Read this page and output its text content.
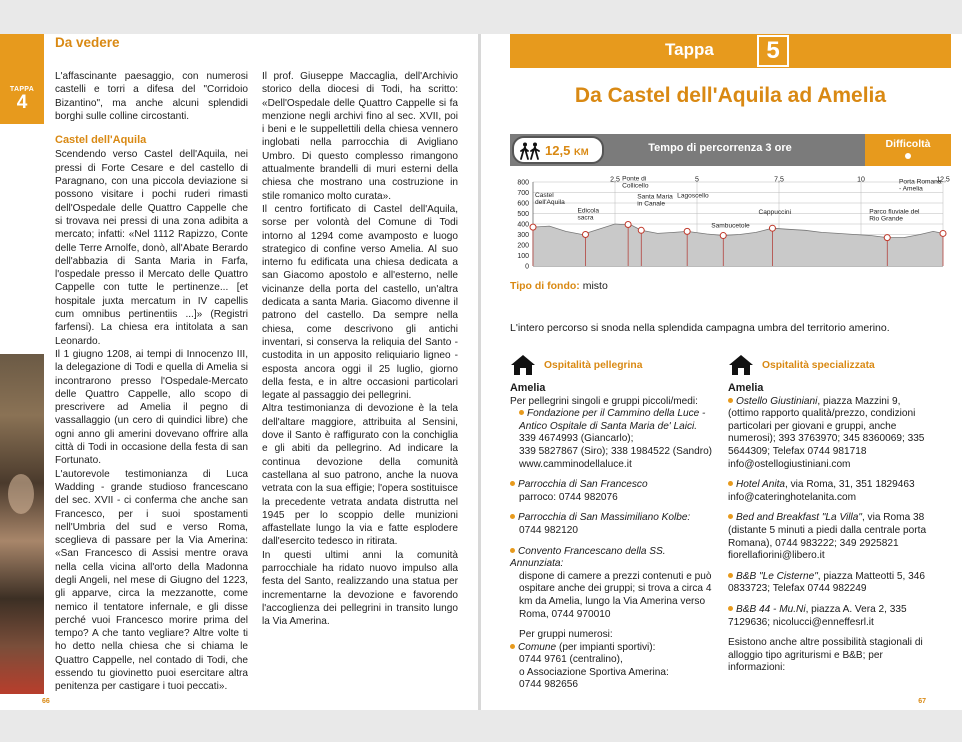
TAPPA
4
Da vedere

L'affascinante paesaggio, con numerosi castelli e torri a difesa del "Corridoio Bizantino", ma anche alcuni splendidi borghi sulle colline circostanti.

Castel dell'Aquila

Scendendo verso Castel dell'Aquila, nei pressi di Forte Cesare e del castello di Paragnano, con una piccola deviazione si possono visitare i pochi ruderi rimasti dell'Ospedale delle Quattro Cappelle che si trovava nei pressi di una zona adibita a mercato; infatti: «Nel 1112 Rapizzo, Conte delle Terre Arnolfe, donò, all'Abate Berardo dell'abbazia di Santa Maria in Farfa, l'ospedale presso il Mercato delle Quattro Cappelle con tutte le pertinenze... [et hospitale juxta mercatum in IV capellis cum omnibus pertinentiis ...]» (Registri farfensi). La chiesa era intitolata a san Leonardo.

Il 1 giugno 1208, ai tempi di Innocenzo III, la delegazione di Todi e quella di Amelia si incontrarono presso l'Ospedale-Mercato delle Quattro Cappelle, allo scopo di prescrivere ad Amelia il pegno di vassallaggio (un cero di quindici libre) che ogni anno gli amerini dovevano offrire alla città di Todi in occasione della festa di san Fortunato.

L'autorevole testimonianza di Luca Wadding - grande studioso francescano del sec. XVII - ci conferma che anche san Francesco, per i suoi spostamenti nell'Umbria del sud e verso Roma, sceglieva di passare per la Via Amerina: «San Francesco di Assisi mentre orava nella cella vicina all'orto della Madonna degli Angeli, nel mese di Giugno del 1223, gli apparve, circa la mezzanotte, come nemico il tentatore infernale, e gli disse perché vuoi Francesco morire prima del tempo? A che tanto vegliare? Altre volte ti ho detto nella chiesa che si chiama le Quattro Cappelle, nel contado di Todi, che essendo tu giovinetto puoi esercitare altra penitenza per castigare i tuoi peccati».

Il prof. Giuseppe Maccaglia, dell'Archivio storico della diocesi di Todi, ha scritto: «Dell'Ospedale delle Quattro Cappelle si fa menzione negli archivi fino al sec. XVII, poi i beni e le suppellettili della chiesa vennero inglobati nella parrocchia di Avigliano Umbro. Di questo complesso rimangono attualmente brandelli di muri esterni della chiesa che mostrano una costruzione in stile romanico molto curata».

Il centro fortificato di Castel dell'Aquila, sorse per volontà del Comune di Todi intorno al 1294 come avamposto e luogo strategico di confine verso Amelia. Al suo interno fu edificata una chiesa dedicata a san Giacomo apostolo e all'esterno, nelle vicinanze della porta del castello, un'altra dedicata a santa Maria. Giacomo divenne il patrono del castello. Da sempre nella chiesa, come descrivono gli antichi inventari, si conserva la reliquia del Santo - custodita in un apposito reliquiario ligneo - esposta ancora oggi il 25 luglio, giorno della festa, e in altre occasioni particolari legate al passaggio dei pellegrini.

Altra testimonianza di devozione è la tela dell'altare maggiore, attribuita al Sensini, dove il Santo è raffigurato con la conchiglia e gli abiti da pellegrino. Ad indicare la continua devozione della comunità castellana al suo patrono, anche la nuova vetrata con la sua effigie; l'opera sostituisce la precedente vetrata andata distrutta nel 1945 per lo scoppio delle munizioni affastellate lungo la via e fatte esplodere dall'esercito tedesco in ritirata.

In questi ultimi anni la comunità parrocchiale ha ridato nuovo impulso alla festa del Santo, realizzando una statua per incrementarne la devozione e favorendo l'accoglienza dei pellegrini in transito lungo la Via Amerina.

66
Tappa	5
Da Castel dell'Aquila ad Amelia
12,5 KM	Tempo di percorrenza 3 ore	Difficoltà
800
700
600
500
400
300
200
100
0
2,5	5	7,5	10	12,5
Castel dell'Aquila
Edicola sacra
Ponte di Collicello
Santa Maria in Canale
Lagoscello
Sambucetole
Cappuccini	Parco fluviale del Rio Grande
Porta Romana - Amelia
Tipo di fondo: misto
L'intero percorso si snoda nella splendida campagna umbra del territorio amerino.
Ospitalità pellegrina
Amelia
Per pellegrini singoli e gruppi piccoli/medi:
Fondazione per il Cammino della Luce - Antico Ospitale di Santa Maria de' Laici.
339 4674993 (Giancarlo);
339 5827867 (Siro); 338 1984522 (Sandro)
www.camminodellaluce.it
Parrocchia di San Francesco
parroco: 0744 982076
Parrocchia di San Massimiliano Kolbe:
0744 982120
Convento Francescano della SS. Annunziata:
dispone di camere a prezzi contenuti e può ospitare anche dei gruppi; si trova a circa 4 km da Amelia, lungo la Via Amerina verso Roma, 0744 970010
Per gruppi numerosi:
Comune (per impianti sportivi):
0744 9761 (centralino),
o Associazione Sportiva Amerina:
0744 982656
Ospitalità specializzata
Amelia
Ostello Giustiniani, piazza Mazzini 9, (ottimo rapporto qualità/prezzo, condizioni particolari per giovani e gruppi, anche numerosi); 393 3763970; 345 8360069; 335 5644309; Telefax 0744 981718
info@ostellogiustiniani.com
Hotel Anita, via Roma, 31, 351 1829463
info@cateringhotelanita.com
Bed and Breakfast "La Villa", via Roma 38 (distante 5 minuti a piedi dalla centrale porta Romana), 0744 983222; 349 2925821
fiorellafiorini@libero.it
B&B "Le Cisterne", piazza Matteotti 5, 346 0833723; Telefax 0744 982249
B&B 44 - Mu.Ni, piazza A. Vera 2, 335 7129636; nicolucci@enneffesrl.it
Esistono anche altre possibilità stagionali di alloggio tipo agriturismi e B&B; per informazioni:
67
